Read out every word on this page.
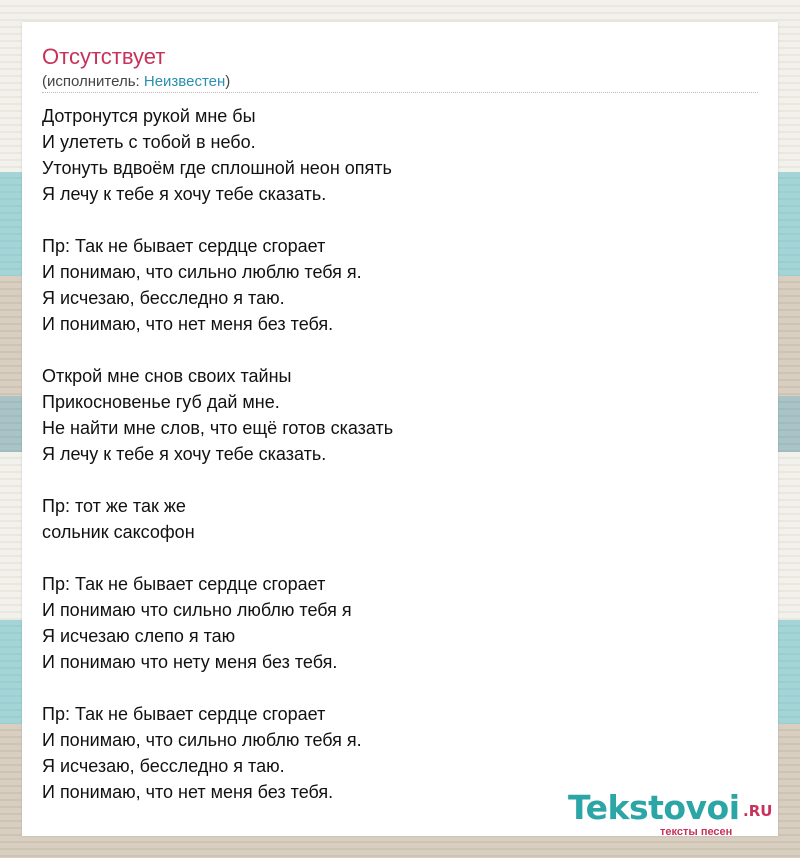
Отсутствует
(исполнитель: Неизвестен)
Дотронутся рукой мне бы
И улететь с тобой в небо.
Утонуть вдвоём где сплошной неон опять
Я лечу к тебе я хочу тебе сказать.
Пр: Так не бывает сердце сгорает
И понимаю, что сильно люблю тебя я.
Я исчезаю, бесследно я таю.
И понимаю, что нет меня без тебя.
Открой мне снов своих тайны
Прикосновенье губ дай мне.
Не найти мне слов, что ещё готов сказать
Я лечу к тебе я хочу тебе сказать.
Пр: тот же так же
сольник саксофон
Пр: Так не бывает сердце сгорает
И понимаю что сильно люблю тебя я
Я исчезаю слепо я таю
И понимаю что нету меня без тебя.
Пр: Так не бывает сердце сгорает
И понимаю, что сильно люблю тебя я.
Я исчезаю, бесследно я таю.
И понимаю, что нет меня без тебя.	Tekstovoi .RU
тексты песен
